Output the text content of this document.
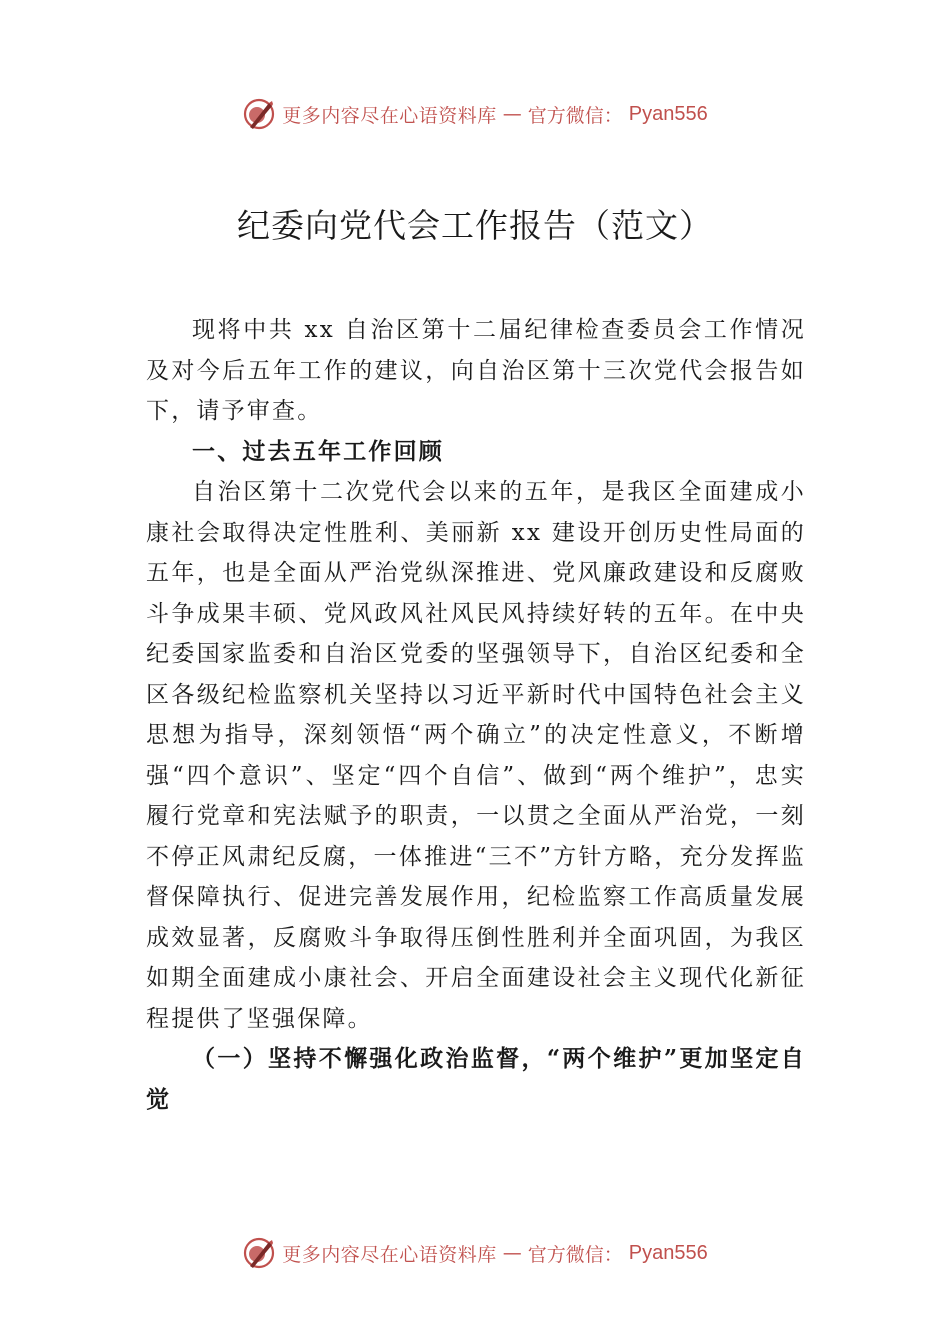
更多内容尽在心语资料库 — 官方微信： Pyan556
纪委向党代会工作报告（范文）

现将中共 xx 自治区第十二届纪律检查委员会工作情况及对今后五年工作的建议，向自治区第十三次党代会报告如下，请予审查。

一、过去五年工作回顾

自治区第十二次党代会以来的五年，是我区全面建成小康社会取得决定性胜利、美丽新 xx 建设开创历史性局面的五年，也是全面从严治党纵深推进、党风廉政建设和反腐败斗争成果丰硕、党风政风社风民风持续好转的五年。在中央纪委国家监委和自治区党委的坚强领导下，自治区纪委和全区各级纪检监察机关坚持以习近平新时代中国特色社会主义思想为指导，深刻领悟“两个确立”的决定性意义，不断增强“四个意识”、坚定“四个自信”、做到“两个维护”，忠实履行党章和宪法赋予的职责，一以贯之全面从严治党，一刻不停正风肃纪反腐，一体推进“三不”方针方略，充分发挥监督保障执行、促进完善发展作用，纪检监察工作高质量发展成效显著，反腐败斗争取得压倒性胜利并全面巩固，为我区如期全面建成小康社会、开启全面建设社会主义现代化新征程提供了坚强保障。

（一）坚持不懈强化政治监督，“两个维护”更加坚定自觉

更多内容尽在心语资料库 — 官方微信： Pyan556
